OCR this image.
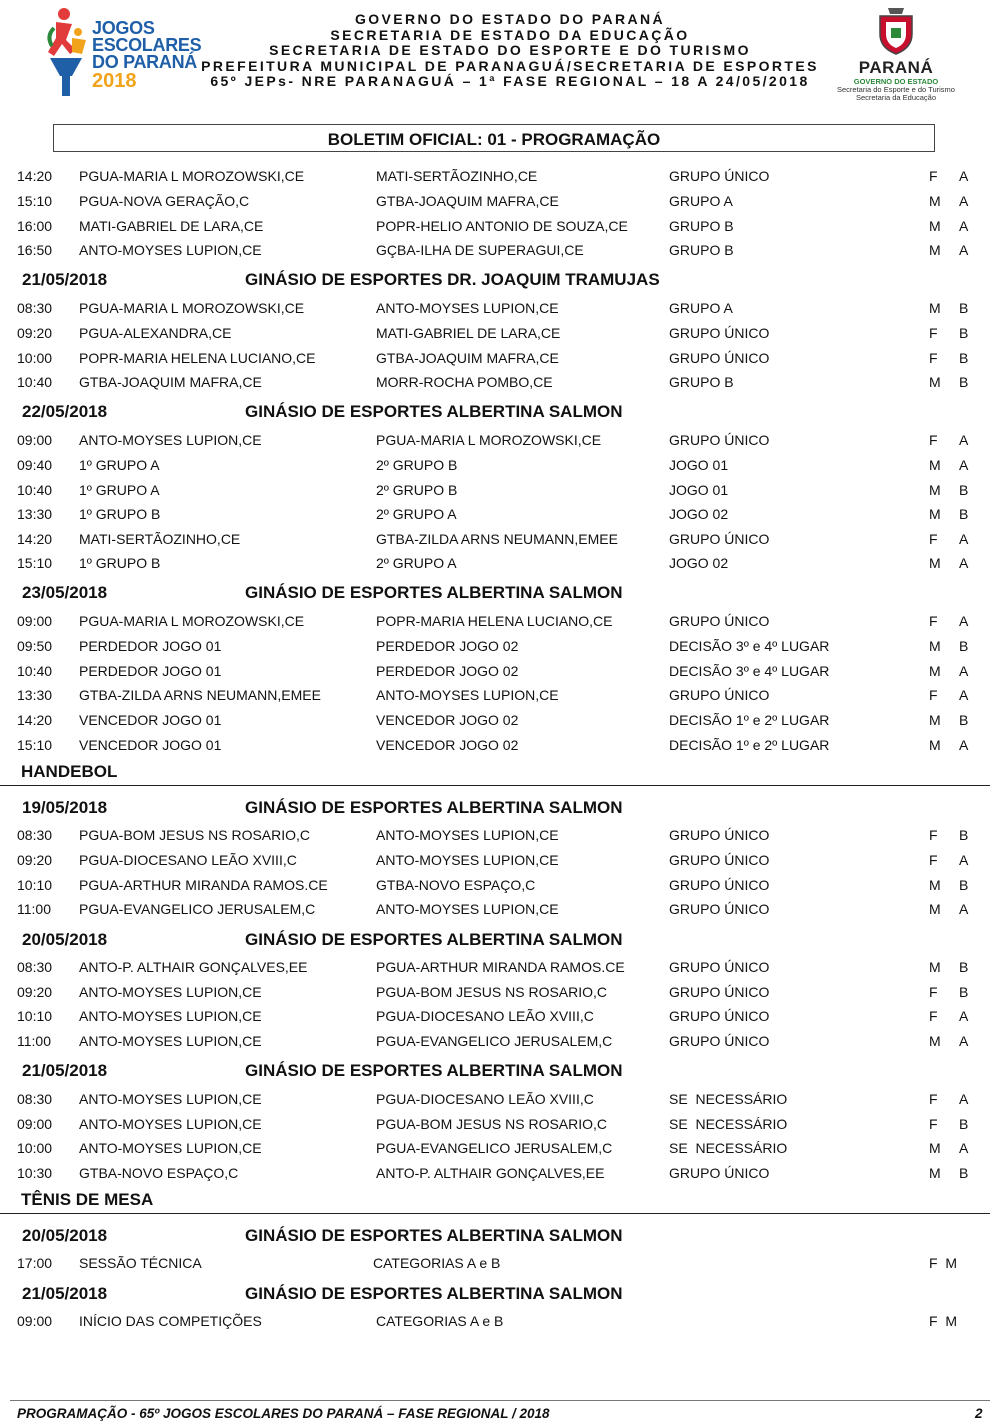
JOGOS
ESCOLARES
DO PARANÁ
2018
GOVERNO DO ESTADO DO PARANÁ
SECRETARIA DE ESTADO DA EDUCAÇÃO
SECRETARIA DE ESTADO DO ESPORTE E DO TURISMO
PREFEITURA MUNICIPAL DE PARANAGUÁ/SECRETARIA DE ESPORTES
65º JEPs- NRE PARANAGUÁ – 1ª FASE REGIONAL – 18 A 24/05/2018
PARANÁ
GOVERNO DO ESTADO
Secretaria do Esporte e do Turismo
Secretaria da Educação
BOLETIM OFICIAL: 01 - PROGRAMAÇÃO
14:20 PGUA-MARIA L MOROZOWSKI,CE	MATI-SERTÃOZINHO,CE	GRUPO ÚNICO	F A
15:10 PGUA-NOVA GERAÇÃO,C	GTBA-JOAQUIM MAFRA,CE	GRUPO A	M A
16:00 MATI-GABRIEL DE LARA,CE	POPR-HELIO ANTONIO DE SOUZA,CE	GRUPO B	M A
16:50 ANTO-MOYSES LUPION,CE	GÇBA-ILHA DE SUPERAGUI,CE	GRUPO B	M A
21/05/2018	GINÁSIO DE ESPORTES DR. JOAQUIM TRAMUJAS
08:30 PGUA-MARIA L MOROZOWSKI,CE	ANTO-MOYSES LUPION,CE	GRUPO A	M B
09:20 PGUA-ALEXANDRA,CE	MATI-GABRIEL DE LARA,CE	GRUPO ÚNICO	F B
10:00 POPR-MARIA HELENA LUCIANO,CE	GTBA-JOAQUIM MAFRA,CE	GRUPO ÚNICO	F B
10:40 GTBA-JOAQUIM MAFRA,CE	MORR-ROCHA POMBO,CE	GRUPO B	M B
22/05/2018	GINÁSIO DE ESPORTES ALBERTINA SALMON
09:00 ANTO-MOYSES LUPION,CE	PGUA-MARIA L MOROZOWSKI,CE	GRUPO ÚNICO	F A
09:40 1º GRUPO A	2º GRUPO B	JOGO 01	M A
10:40 1º GRUPO A	2º GRUPO B	JOGO 01	M B
13:30 1º GRUPO B	2º GRUPO A	JOGO 02	M B
14:20 MATI-SERTÃOZINHO,CE	GTBA-ZILDA ARNS NEUMANN,EMEE	GRUPO ÚNICO	F A
15:10 1º GRUPO B	2º GRUPO A	JOGO 02	M A
23/05/2018	GINÁSIO DE ESPORTES ALBERTINA SALMON
09:00 PGUA-MARIA L MOROZOWSKI,CE	POPR-MARIA HELENA LUCIANO,CE	GRUPO ÚNICO	F A
09:50 PERDEDOR JOGO 01	PERDEDOR JOGO 02	DECISÃO 3º e 4º LUGAR	M B
10:40 PERDEDOR JOGO 01	PERDEDOR JOGO 02	DECISÃO 3º e 4º LUGAR	M A
13:30 GTBA-ZILDA ARNS NEUMANN,EMEE	ANTO-MOYSES LUPION,CE	GRUPO ÚNICO	F A
14:20 VENCEDOR JOGO 01	VENCEDOR JOGO 02	DECISÃO 1º e 2º LUGAR	M B
15:10 VENCEDOR JOGO 01	VENCEDOR JOGO 02	DECISÃO 1º e 2º LUGAR	M A
HANDEBOL
19/05/2018	GINÁSIO DE ESPORTES ALBERTINA SALMON
08:30 PGUA-BOM JESUS NS ROSARIO,C	ANTO-MOYSES LUPION,CE	GRUPO ÚNICO	F B
09:20 PGUA-DIOCESANO LEÃO XVIII,C	ANTO-MOYSES LUPION,CE	GRUPO ÚNICO	F A
10:10 PGUA-ARTHUR MIRANDA RAMOS.CE	GTBA-NOVO ESPAÇO,C	GRUPO ÚNICO	M B
11:00 PGUA-EVANGELICO JERUSALEM,C	ANTO-MOYSES LUPION,CE	GRUPO ÚNICO	M A
20/05/2018	GINÁSIO DE ESPORTES ALBERTINA SALMON
08:30 ANTO-P. ALTHAIR GONÇALVES,EE	PGUA-ARTHUR MIRANDA RAMOS.CE	GRUPO ÚNICO	M B
09:20 ANTO-MOYSES LUPION,CE	PGUA-BOM JESUS NS ROSARIO,C	GRUPO ÚNICO	F B
10:10 ANTO-MOYSES LUPION,CE	PGUA-DIOCESANO LEÃO XVIII,C	GRUPO ÚNICO	F A
11:00 ANTO-MOYSES LUPION,CE	PGUA-EVANGELICO JERUSALEM,C	GRUPO ÚNICO	M A
21/05/2018	GINÁSIO DE ESPORTES ALBERTINA SALMON
08:30 ANTO-MOYSES LUPION,CE	PGUA-DIOCESANO LEÃO XVIII,C	SE  NECESSÁRIO	F A
09:00 ANTO-MOYSES LUPION,CE	PGUA-BOM JESUS NS ROSARIO,C	SE  NECESSÁRIO	F B
10:00 ANTO-MOYSES LUPION,CE	PGUA-EVANGELICO JERUSALEM,C	SE  NECESSÁRIO	M A
10:30 GTBA-NOVO ESPAÇO,C	ANTO-P. ALTHAIR GONÇALVES,EE	GRUPO ÚNICO	M B
TÊNIS DE MESA
20/05/2018	GINÁSIO DE ESPORTES ALBERTINA SALMON
17:00 SESSÃO TÉCNICA	CATEGORIAS A e B	F  M
21/05/2018	GINÁSIO DE ESPORTES ALBERTINA SALMON
09:00 INÍCIO DAS COMPETIÇÕES	CATEGORIAS A e B	F  M
PROGRAMAÇÃO - 65º JOGOS ESCOLARES DO PARANÁ – FASE REGIONAL / 2018	2
